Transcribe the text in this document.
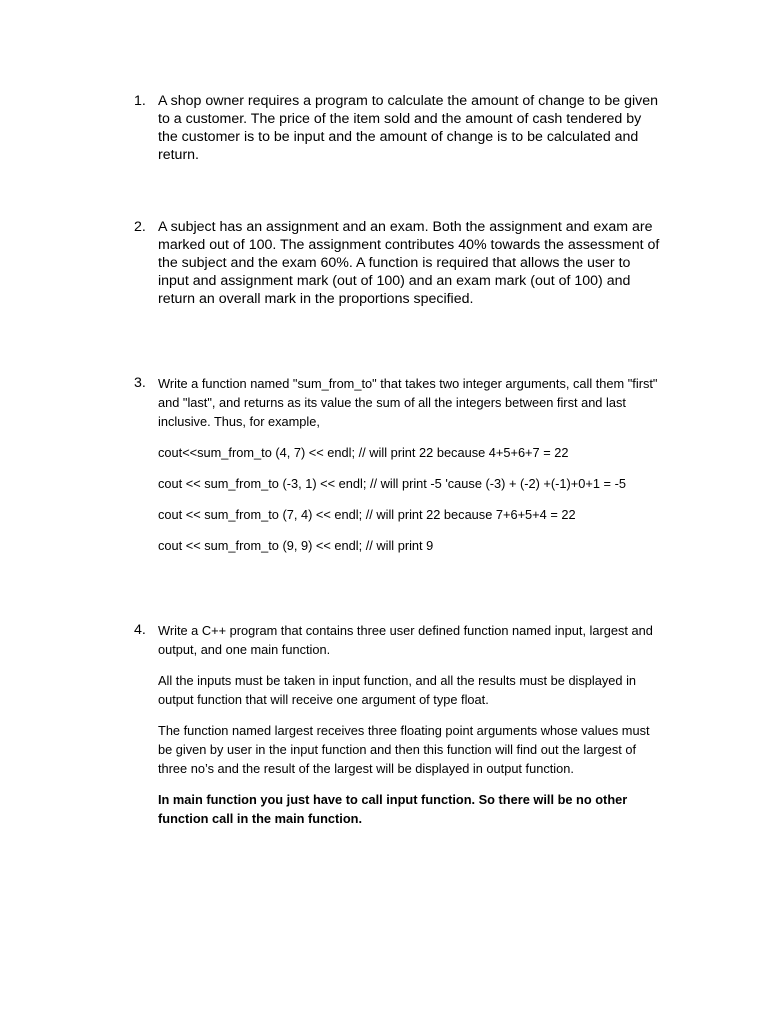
1. A shop owner requires a program to calculate the amount of change to be given to a customer. The price of the item sold and the amount of cash tendered by the customer is to be input and the amount of change is to be calculated and return.
2. A subject has an assignment and an exam. Both the assignment and exam are marked out of 100. The assignment contributes 40% towards the assessment of the subject and the exam 60%. A function is required that allows the user to input and assignment mark (out of 100) and an exam mark (out of 100) and return an overall mark in the proportions specified.
3. Write a function named "sum_from_to" that takes two integer arguments, call them "first" and "last", and returns as its value the sum of all the integers between first and last inclusive. Thus, for example,

cout<<sum_from_to (4, 7) << endl; // will print 22 because 4+5+6+7 = 22

cout << sum_from_to (-3, 1) << endl; // will print -5 'cause (-3) + (-2) +(-1)+0+1 = -5

cout << sum_from_to (7, 4) << endl; // will print 22 because 7+6+5+4 = 22

cout << sum_from_to (9, 9) << endl; // will print 9

4. Write a C++ program that contains three user defined function named input, largest and output, and one main function.

All the inputs must be taken in input function, and all the results must be displayed in output function that will receive one argument of type float.

The function named largest receives three floating point arguments whose values must be given by user in the input function and then this function will find out the largest of three no’s and the result of the largest will be displayed in output function.

In main function you just have to call input function. So there will be no other function call in the main function.
